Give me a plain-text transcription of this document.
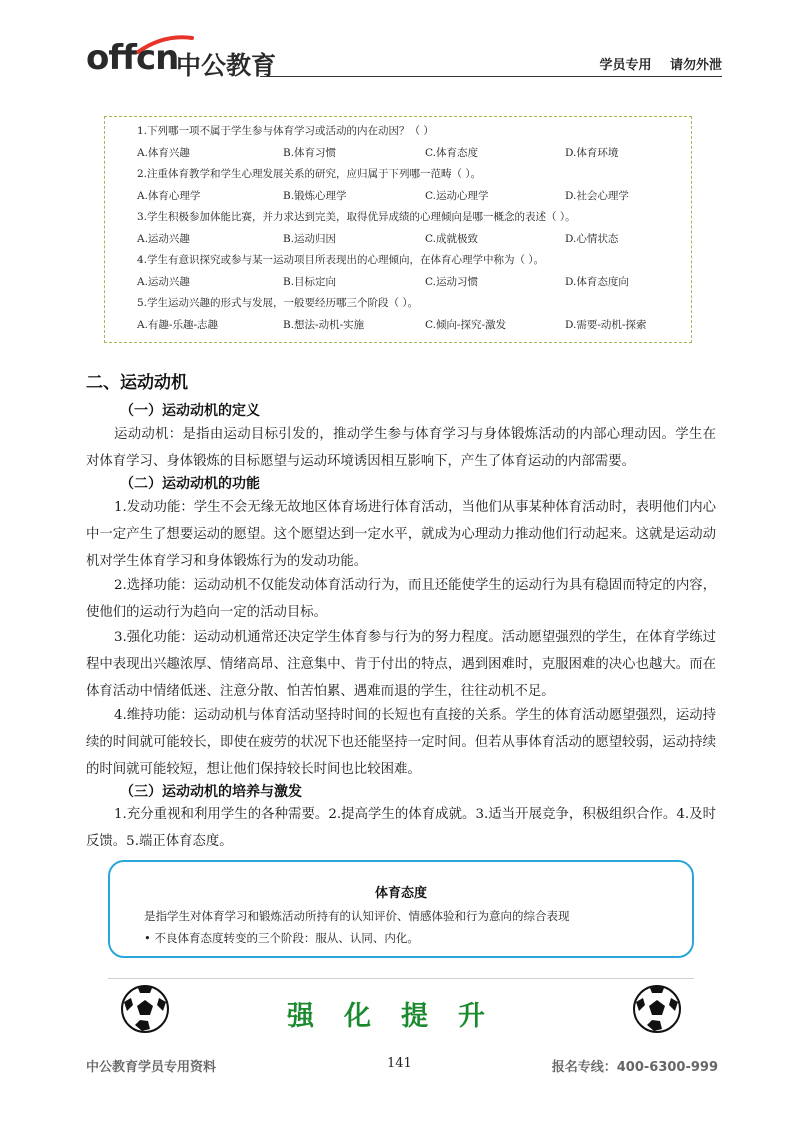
offcn
中公教育	学员专用 请勿外泄
1.下列哪一项不属于学生参与体育学习或活动的内在动因？（ ）
A.体育兴趣	B.体育习惯	C.体育态度	D.体育环境
2.注重体育教学和学生心理发展关系的研究，应归属于下列哪一范畴（ ）。
A.体育心理学	B.锻炼心理学	C.运动心理学	D.社会心理学
3.学生积极参加体能比赛，并力求达到完美，取得优异成绩的心理倾向是哪一概念的表述（ ）。
A.运动兴趣	B.运动归因	C.成就极致	D.心情状态
4.学生有意识探究或参与某一运动项目所表现出的心理倾向，在体育心理学中称为（ ）。
A.运动兴趣	B.目标定向	C.运动习惯	D.体育态度向
5.学生运动兴趣的形式与发展，一般要经历哪三个阶段（ ）。
A.有趣-乐趣-志趣	B.想法-动机-实施	C.倾向-探究-激发	D.需要-动机-探索
二、运动动机
（一）运动动机的定义
运动动机：是指由运动目标引发的，推动学生参与体育学习与身体锻炼活动的内部心理动因。学生在对体育学习、身体锻炼的目标愿望与运动环境诱因相互影响下，产生了体育运动的内部需要。
（二）运动动机的功能
1.发动功能：学生不会无缘无故地区体育场进行体育活动，当他们从事某种体育活动时，表明他们内心中一定产生了想要运动的愿望。这个愿望达到一定水平，就成为心理动力推动他们行动起来。这就是运动动机对学生体育学习和身体锻炼行为的发动功能。
2.选择功能：运动动机不仅能发动体育活动行为，而且还能使学生的运动行为具有稳固而特定的内容，使他们的运动行为趋向一定的活动目标。
3.强化功能：运动动机通常还决定学生体育参与行为的努力程度。活动愿望强烈的学生，在体育学练过程中表现出兴趣浓厚、情绪高昂、注意集中、肯于付出的特点，遇到困难时，克服困难的决心也越大。而在体育活动中情绪低迷、注意分散、怕苦怕累、遇难而退的学生，往往动机不足。
4.维持功能：运动动机与体育活动坚持时间的长短也有直接的关系。学生的体育活动愿望强烈，运动持续的时间就可能较长，即使在疲劳的状况下也还能坚持一定时间。但若从事体育活动的愿望较弱，运动持续的时间就可能较短，想让他们保持较长时间也比较困难。
（三）运动动机的培养与激发
1.充分重视和利用学生的各种需要。2.提高学生的体育成就。3.适当开展竞争，积极组织合作。4.及时反馈。5.端正体育态度。
体育态度
是指学生对体育学习和锻炼活动所持有的认知评价、情感体验和行为意向的综合表现
• 不良体育态度转变的三个阶段：服从、认同、内化。
强化提升
中公教育学员专用资料	141	报名专线：400-6300-999
